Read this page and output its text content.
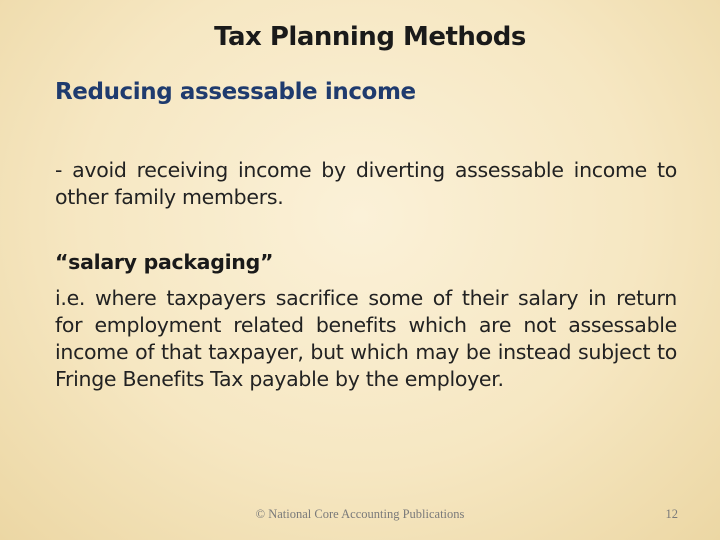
Tax Planning Methods
Reducing assessable income
- avoid receiving income by diverting assessable income to other family members.
“salary packaging”
i.e. where taxpayers sacrifice some of their salary in return for employment related benefits which are not assessable income of that taxpayer, but which may be instead subject to Fringe Benefits Tax payable by the employer.
© National Core Accounting Publications	12
